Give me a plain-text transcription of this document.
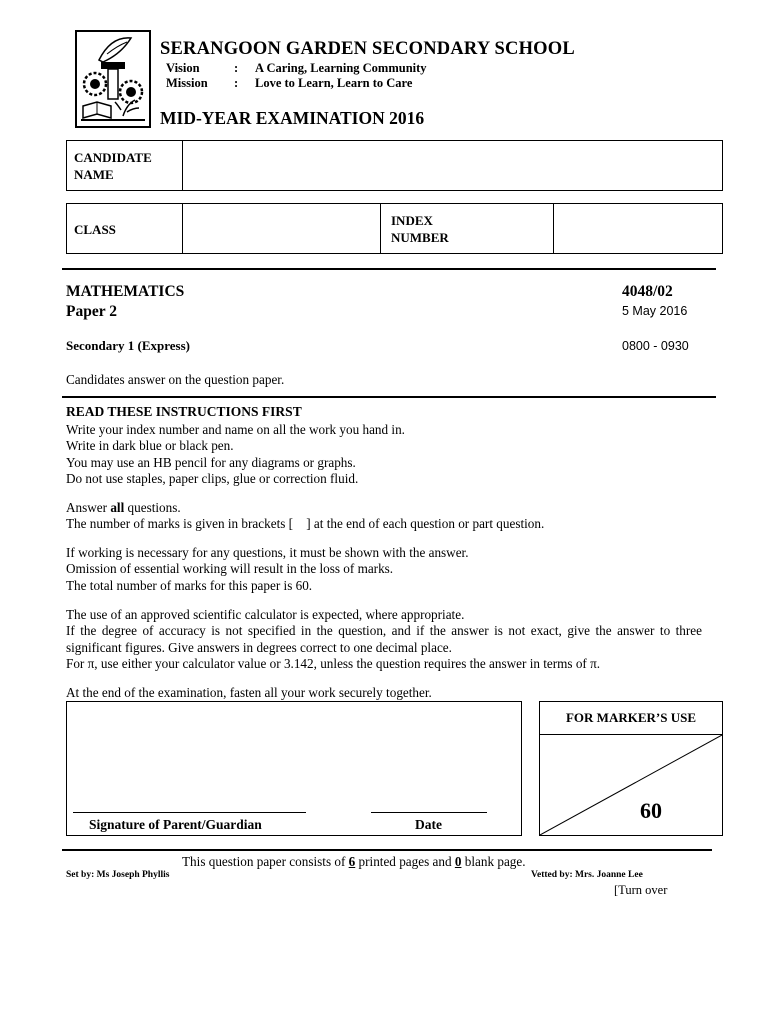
SERANGOON GARDEN SECONDARY SCHOOL
Vision	: A Caring, Learning Community
Mission : Love to Learn, Learn to Care
MID-YEAR EXAMINATION 2016
CANDIDATE
NAME
CLASS
INDEX
NUMBER
MATHEMATICS	4048/02
Paper 2	5 May 2016
Secondary 1 (Express)	0800 - 0930
Candidates answer on the question paper.
READ THESE INSTRUCTIONS FIRST
Write your index number and name on all the work you hand in.
Write in dark blue or black pen.
You may use an HB pencil for any diagrams or graphs.
Do not use staples, paper clips, glue or correction fluid.
Answer all questions.
The number of marks is given in brackets [    ] at the end of each question or part question.
If working is necessary for any questions, it must be shown with the answer.
Omission of essential working will result in the loss of marks.
The total number of marks for this paper is 60.
The use of an approved scientific calculator is expected, where appropriate.
If the degree of accuracy is not specified in the question, and if the answer is not exact, give the answer to three significant figures. Give answers in degrees correct to one decimal place.
For π, use either your calculator value or 3.142, unless the question requires the answer in terms of π.
At the end of the examination, fasten all your work securely together.
Signature of Parent/Guardian	Date
FOR MARKER’S USE
60
This question paper consists of 6 printed pages and 0 blank page.
Set by: Ms Joseph Phyllis	Vetted by: Mrs. Joanne Lee
[Turn over
